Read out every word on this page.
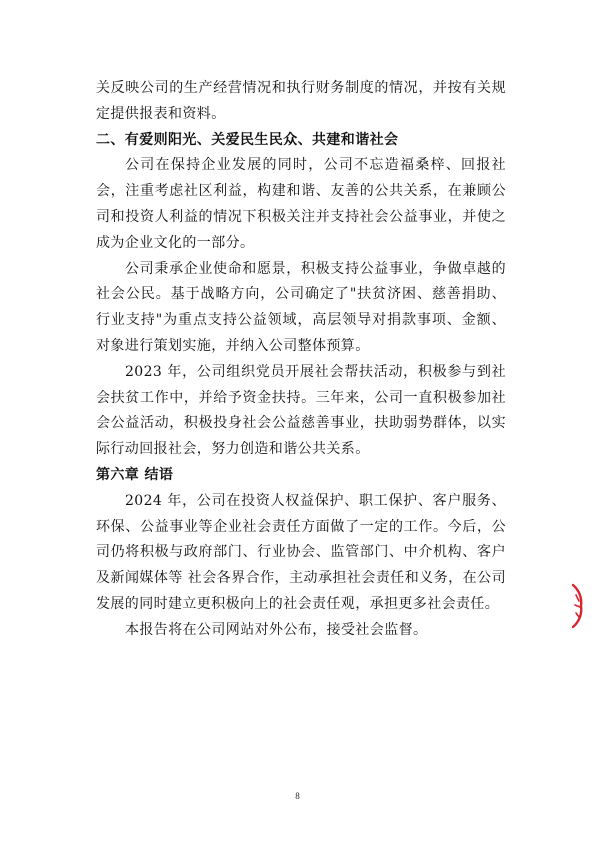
关反映公司的生产经营情况和执行财务制度的情况，并按有关规定提供报表和资料。

二、有爱则阳光、关爱民生民众、共建和谐社会

公司在保持企业发展的同时，公司不忘造福桑梓、回报社会，注重考虑社区利益，构建和谐、友善的公共关系，在兼顾公司和投资人利益的情况下积极关注并支持社会公益事业，并使之成为企业文化的一部分。

公司秉承企业使命和愿景，积极支持公益事业，争做卓越的社会公民。基于战略方向，公司确定了"扶贫济困、慈善捐助、行业支持"为重点支持公益领域，高层领导对捐款事项、金额、对象进行策划实施，并纳入公司整体预算。

2023 年，公司组织党员开展社会帮扶活动，积极参与到社会扶贫工作中，并给予资金扶持。三年来，公司一直积极参加社会公益活动，积极投身社会公益慈善事业，扶助弱势群体，以实际行动回报社会，努力创造和谐公共关系。

第六章 结语

2024 年，公司在投资人权益保护、职工保护、客户服务、环保、公益事业等企业社会责任方面做了一定的工作。今后，公司仍将积极与政府部门、行业协会、监管部门、中介机构、客户及新闻媒体等 社会各界合作，主动承担社会责任和义务，在公司发展的同时建立更积极向上的社会责任观，承担更多社会责任。

本报告将在公司网站对外公布，接受社会监督。

8
